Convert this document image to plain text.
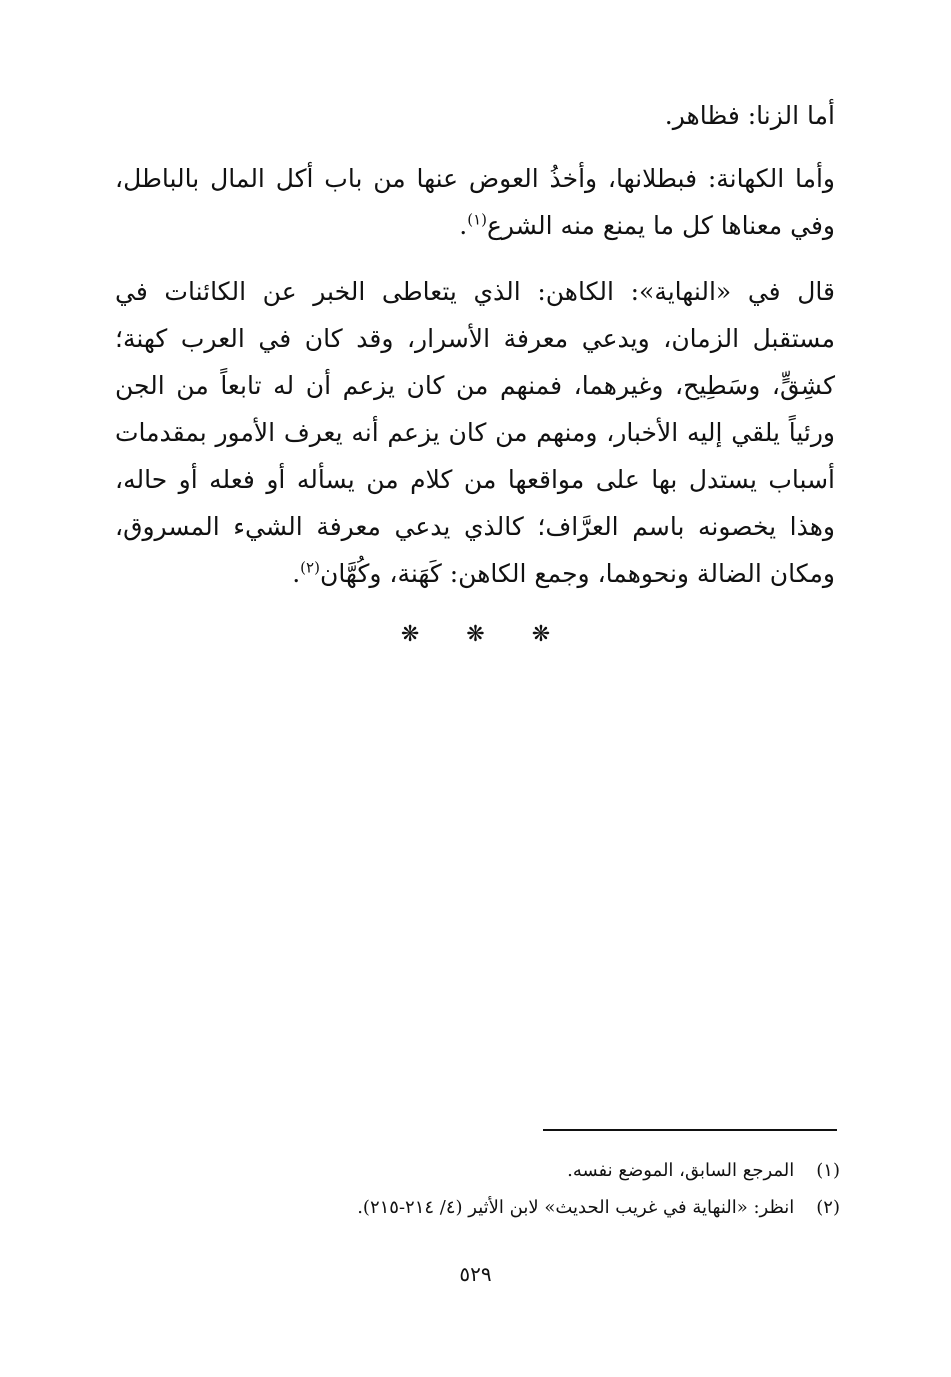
أما الزنا: فظاهر.

وأما الكهانة: فبطلانها، وأخذُ العوض عنها من باب أكل المال بالباطل، وفي معناها كل ما يمنع منه الشرع$^{(١)}$.

قال في «النهاية»: الكاهن: الذي يتعاطى الخبر عن الكائنات في مستقبل الزمان، ويدعي معرفة الأسرار، وقد كان في العرب كهنة؛ كشِقٍّ، وسَطِيح، وغيرهما، فمنهم من كان يزعم أن له تابعاً من الجن ورئياً يلقي إليه الأخبار، ومنهم من كان يزعم أنه يعرف الأمور بمقدمات أسباب يستدل بها على مواقعها من كلام من يسأله أو فعله أو حاله، وهذا يخصونه باسم العرَّاف؛ كالذي يدعي معرفة الشيء المسروق، ومكان الضالة ونحوهما، وجمع الكاهن: كَهَنة، وكُهَّان$^{(٢)}$.

❋ ❋ ❋

(١) المرجع السابق، الموضع نفسه.

(٢) انظر: «النهاية في غريب الحديث» لابن الأثير (٤/ ٢١٤-٢١٥).

٥٢٩
